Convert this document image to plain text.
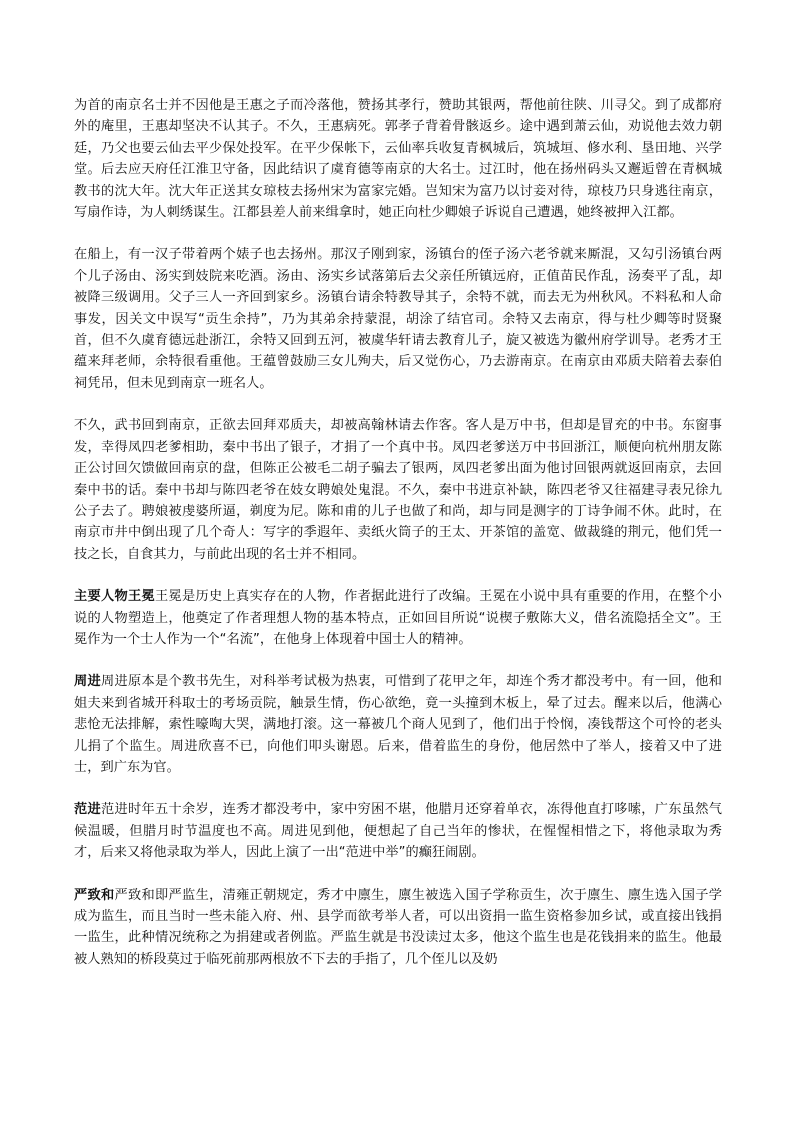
为首的南京名士并不因他是王惠之子而冷落他，赞扬其孝行，赞助其银两，帮他前往陕、川寻父。到了成都府外的庵里，王惠却坚决不认其子。不久，王惠病死。郭孝子背着骨骸返乡。途中遇到萧云仙，劝说他去效力朝廷，乃父也要云仙去平少保处投军。在平少保帐下，云仙率兵收复青枫城后，筑城垣、修水利、垦田地、兴学堂。后去应天府任江淮卫守备，因此结识了虞育德等南京的大名士。过江时，他在扬州码头又邂逅曾在青枫城教书的沈大年。沈大年正送其女琼枝去扬州宋为富家完婚。岂知宋为富乃以讨妾对待，琼枝乃只身逃往南京，写扇作诗，为人刺绣谋生。江都县差人前来缉拿时，她正向杜少卿娘子诉说自己遭遇，她终被押入江都。

在船上，有一汉子带着两个婊子也去扬州。那汉子刚到家，汤镇台的侄子汤六老爷就来厮混，又勾引汤镇台两个儿子汤由、汤实到妓院来吃酒。汤由、汤实乡试落第后去父亲任所镇远府，正值苗民作乱，汤奏平了乱，却被降三级调用。父子三人一齐回到家乡。汤镇台请余特教导其子，余特不就，而去无为州秋风。不料私和人命事发，因关文中误写“贡生余持”，乃为其弟余持蒙混，胡涂了结官司。余特又去南京，得与杜少卿等时贤聚首，但不久虞育德远赴浙江，余特又回到五河，被虞华轩请去教育儿子，旋又被选为徽州府学训导。老秀才王蕴来拜老师，余特很看重他。王蕴曾鼓励三女儿殉夫，后又觉伤心，乃去游南京。在南京由邓质夫陪着去泰伯祠凭吊，但未见到南京一班名人。

不久，武书回到南京，正欲去回拜邓质夫，却被高翰林请去作客。客人是万中书，但却是冒充的中书。东窗事发，幸得凤四老爹相助，秦中书出了银子，才捐了一个真中书。凤四老爹送万中书回浙江，顺便向杭州朋友陈正公讨回欠馈做回南京的盘，但陈正公被毛二胡子骗去了银两，凤四老爹出面为他讨回银两就返回南京，去回秦中书的话。秦中书却与陈四老爷在妓女聘娘处鬼混。不久，秦中书进京补缺，陈四老爷又往福建寻表兄徐九公子去了。聘娘被虔婆所逼，剃度为尼。陈和甫的儿子也做了和尚，却与同是测字的丁诗争闹不休。此时，在南京市井中倒出现了几个奇人：写字的季遐年、卖纸火筒子的王太、开茶馆的盖宽、做裁缝的荆元，他们凭一技之长，自食其力，与前此出现的名士并不相同。

主要人物王冕王冕是历史上真实存在的人物，作者据此进行了改编。王冕在小说中具有重要的作用，在整个小说的人物塑造上，他奠定了作者理想人物的基本特点，正如回目所说“说楔子敷陈大义，借名流隐括全文”。王冕作为一个士人作为一个“名流”，在他身上体现着中国士人的精神。

周进周进原本是个教书先生，对科举考试极为热衷，可惜到了花甲之年，却连个秀才都没考中。有一回，他和姐夫来到省城开科取士的考场贡院，触景生情，伤心欲绝，竟一头撞到木板上，晕了过去。醒来以后，他满心悲怆无法排解，索性嚎啕大哭，满地打滚。这一幕被几个商人见到了，他们出于怜悯，凑钱帮这个可怜的老头儿捐了个监生。周进欣喜不已，向他们叩头谢恩。后来，借着监生的身份，他居然中了举人，接着又中了进士，到广东为官。

范进范进时年五十余岁，连秀才都没考中，家中穷困不堪，他腊月还穿着单衣，冻得他直打哆嗦，广东虽然气候温暖，但腊月时节温度也不高。周进见到他，便想起了自己当年的惨状，在惺惺相惜之下，将他录取为秀才，后来又将他录取为举人，因此上演了一出“范进中举”的癫狂闹剧。

严致和严致和即严监生，清雍正朝规定，秀才中廪生，廪生被选入国子学称贡生，次于廪生、廪生选入国子学成为监生，而且当时一些未能入府、州、县学而欲考举人者，可以出资捐一监生资格参加乡试，或直接出钱捐一监生，此种情况统称之为捐建或者例监。严监生就是书没读过太多，他这个监生也是花钱捐来的监生。他最被人熟知的桥段莫过于临死前那两根放不下去的手指了，几个侄儿以及奶
